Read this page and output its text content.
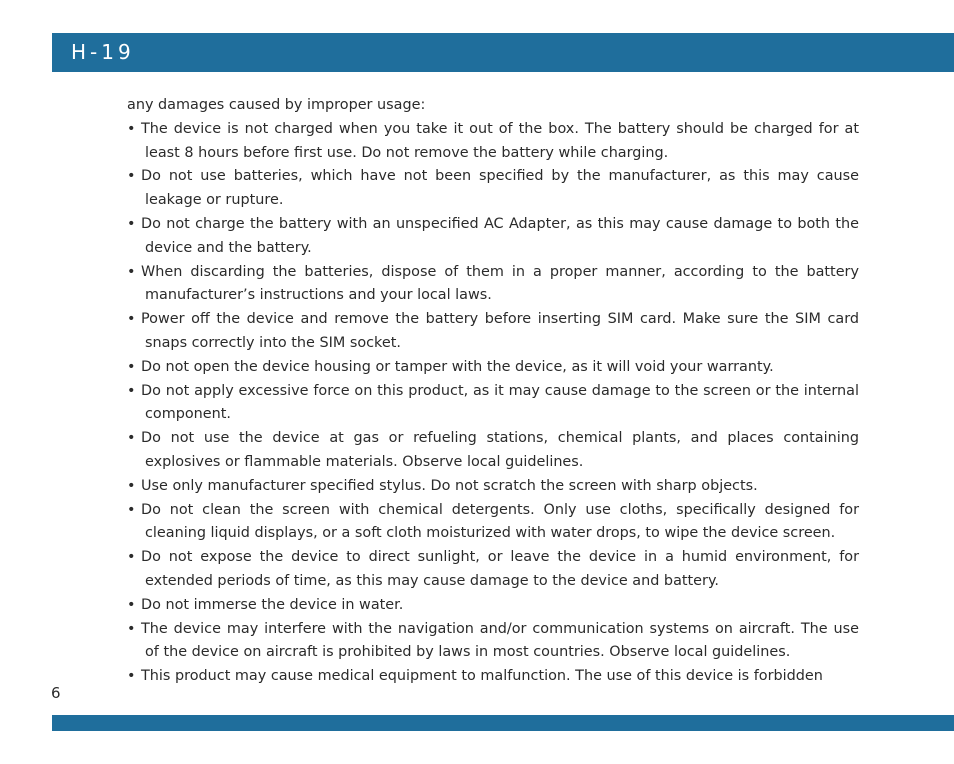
H-19

any damages caused by improper usage:

• The device is not charged when you take it out of the box. The battery should be charged for at least 8 hours before first use. Do not remove the battery while charging.
• Do not use batteries, which have not been specified by the manufacturer, as this may cause leakage or rupture.
• Do not charge the battery with an unspecified AC Adapter, as this may cause damage to both the device and the battery.
• When discarding the batteries, dispose of them in a proper manner, according to the battery manufacturer’s instructions and your local laws.
• Power off the device and remove the battery before inserting SIM card. Make sure the SIM card snaps correctly into the SIM socket.
• Do not open the device housing or tamper with the device, as it will void your warranty.
• Do not apply excessive force on this product, as it may cause damage to the screen or the internal component.
• Do not use the device at gas or refueling stations, chemical plants, and places containing explosives or flammable materials. Observe local guidelines.
• Use only manufacturer specified stylus. Do not scratch the screen with sharp objects.
• Do not clean the screen with chemical detergents. Only use cloths, specifically designed for cleaning liquid displays, or a soft cloth moisturized with water drops, to wipe the device screen.
• Do not expose the device to direct sunlight, or leave the device in a humid environment, for extended periods of time, as this may cause damage to the device and battery.
• Do not immerse the device in water.
• The device may interfere with the navigation and/or communication systems on aircraft. The use of the device on aircraft is prohibited by laws in most countries. Observe local guidelines.
• This product may cause medical equipment to malfunction. The use of this device is forbidden
6
